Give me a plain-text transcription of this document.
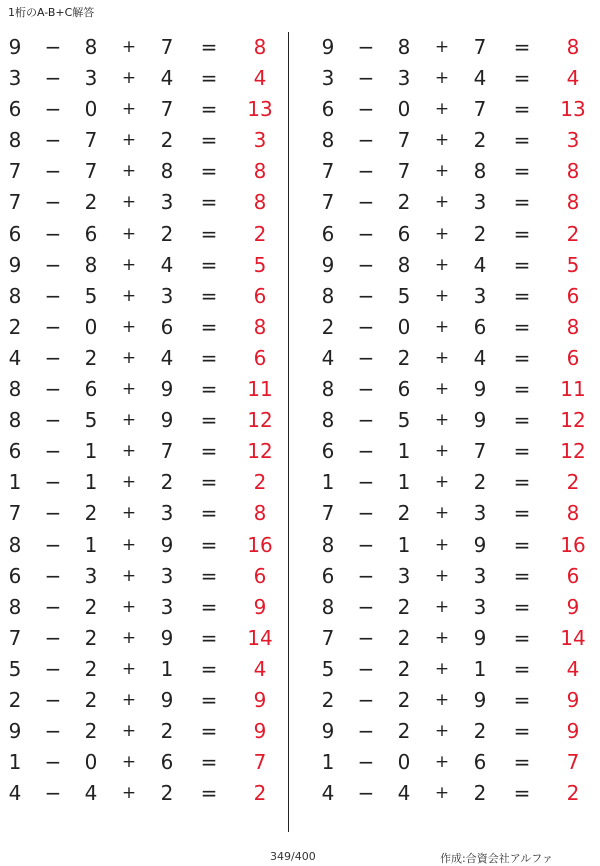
1桁のA-B+C解答
9 − 8 + 7 =	8
3 − 3 + 4 =	4
6 − 0 + 7 =	13
8 − 7 + 2 =	3
7 − 7 + 8 =	8
7 − 2 + 3 =	8
6 − 6 + 2 =	2
9 − 8 + 4 =	5
8 − 5 + 3 =	6
2 − 0 + 6 =	8
4 − 2 + 4 =	6
8 − 6 + 9 =	11
8 − 5 + 9 =	12
6 − 1 + 7 =	12
1 − 1 + 2 =	2
7 − 2 + 3 =	8
8 − 1 + 9 =	16
6 − 3 + 3 =	6
8 − 2 + 3 =	9
7 − 2 + 9 =	14
5 − 2 + 1 =	4
2 − 2 + 9 =	9
9 − 2 + 2 =	9
1 − 0 + 6 =	7
4 − 4 + 2 =	2
9 − 8 + 7 =	8
3 − 3 + 4 =	4
6 − 0 + 7 =	13
8 − 7 + 2 =	3
7 − 7 + 8 =	8
7 − 2 + 3 =	8
6 − 6 + 2 =	2
9 − 8 + 4 =	5
8 − 5 + 3 =	6
2 − 0 + 6 =	8
4 − 2 + 4 =	6
8 − 6 + 9 =	11
8 − 5 + 9 =	12
6 − 1 + 7 =	12
1 − 1 + 2 =	2
7 − 2 + 3 =	8
8 − 1 + 9 =	16
6 − 3 + 3 =	6
8 − 2 + 3 =	9
7 − 2 + 9 =	14
5 − 2 + 1 =	4
2 − 2 + 9 =	9
9 − 2 + 2 =	9
1 − 0 + 6 =	7
4 − 4 + 2 =	2
349/400	作成:合資会社アルファ
